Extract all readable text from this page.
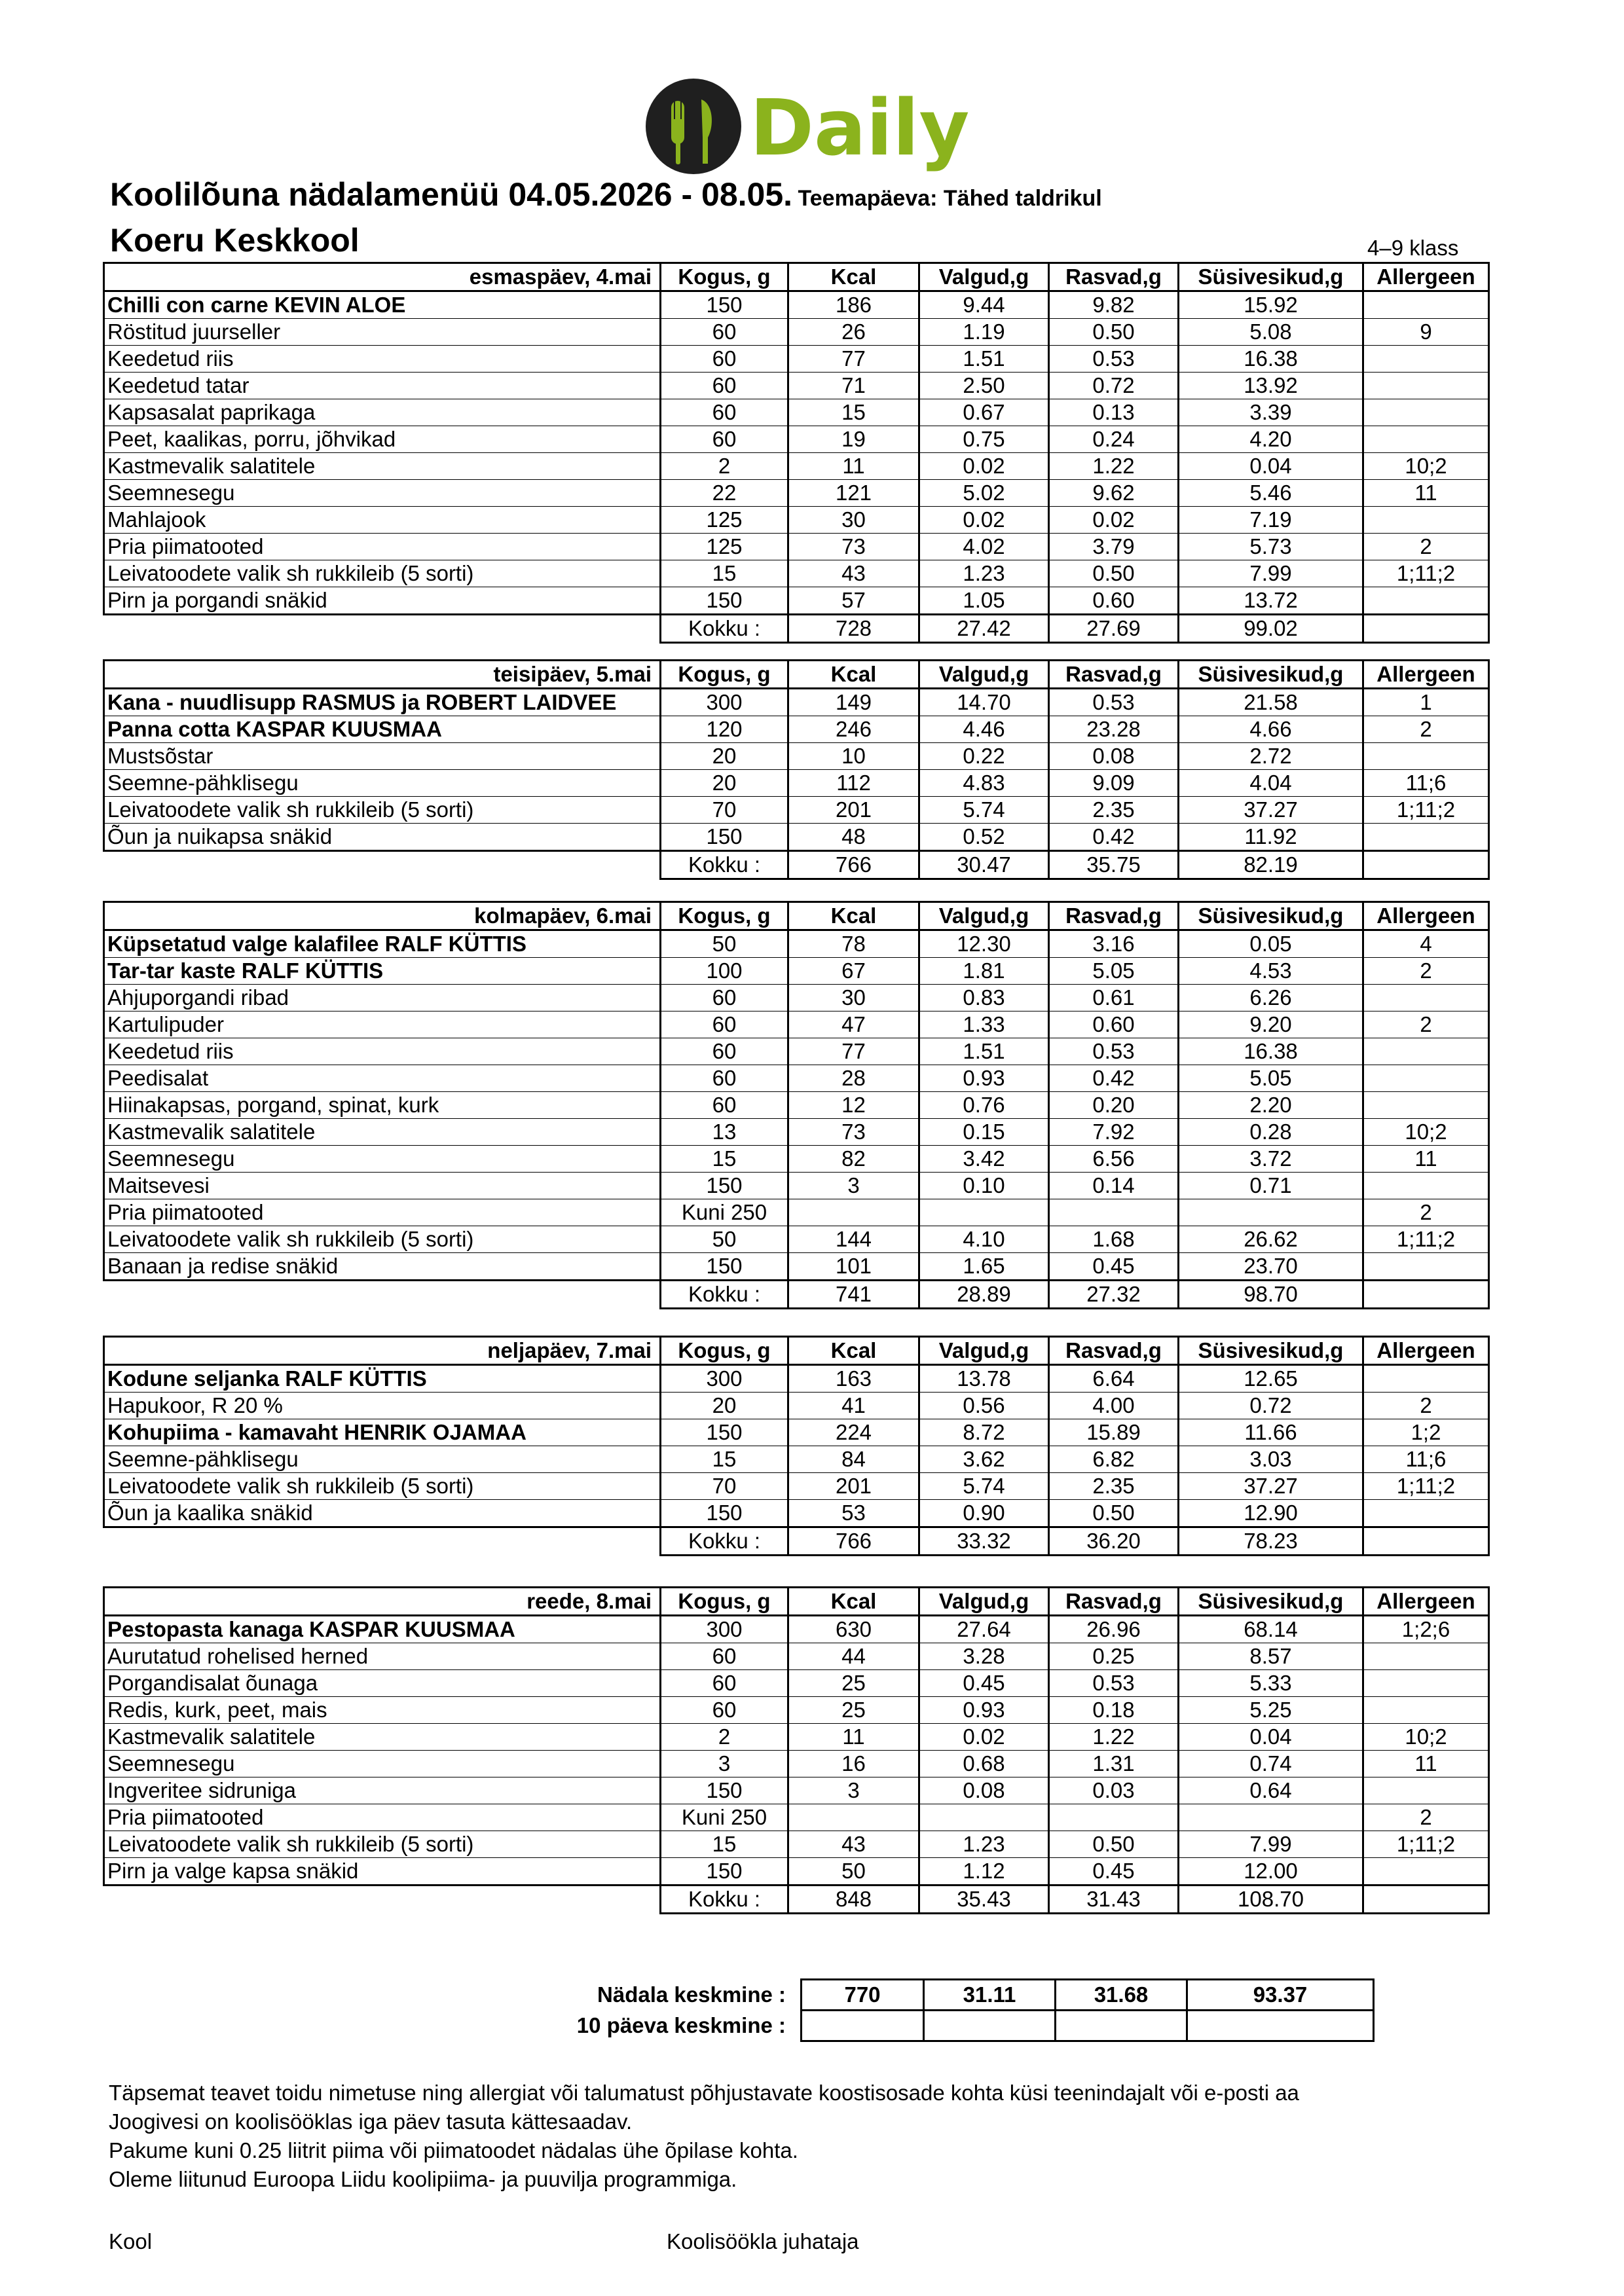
Daily
Koolilõuna nädalamenüü 04.05.2026 - 08.05. Teemapäeva: Tähed taldrikul
Koeru Keskkool	4–9 klass
esmaspäev, 4.mai	Kogus, g	Kcal	Valgud,g	Rasvad,g	Süsivesikud,g	Allergeen
Chilli con carne KEVIN ALOE	150	186	9.44	9.82	15.92	
Röstitud juurseller	60	26	1.19	0.50	5.08	9
Keedetud riis	60	77	1.51	0.53	16.38	
Keedetud tatar	60	71	2.50	0.72	13.92	
Kapsasalat paprikaga	60	15	0.67	0.13	3.39	
Peet, kaalikas, porru, jõhvikad	60	19	0.75	0.24	4.20	
Kastmevalik salatitele	2	11	0.02	1.22	0.04	10;2
Seemnesegu	22	121	5.02	9.62	5.46	11
Mahlajook	125	30	0.02	0.02	7.19	
Pria piimatooted	125	73	4.02	3.79	5.73	2
Leivatoodete valik sh rukkileib (5 sorti)	15	43	1.23	0.50	7.99	1;11;2
Pirn ja porgandi snäkid	150	57	1.05	0.60	13.72	
	Kokku :	728	27.42	27.69	99.02	
teisipäev, 5.mai	Kogus, g	Kcal	Valgud,g	Rasvad,g	Süsivesikud,g	Allergeen
Kana - nuudlisupp RASMUS ja ROBERT LAIDVEE	300	149	14.70	0.53	21.58	1
Panna cotta KASPAR KUUSMAA	120	246	4.46	23.28	4.66	2
Mustsõstar	20	10	0.22	0.08	2.72	
Seemne-pähklisegu	20	112	4.83	9.09	4.04	11;6
Leivatoodete valik sh rukkileib (5 sorti)	70	201	5.74	2.35	37.27	1;11;2
Õun ja nuikapsa snäkid	150	48	0.52	0.42	11.92	
	Kokku :	766	30.47	35.75	82.19	
kolmapäev, 6.mai	Kogus, g	Kcal	Valgud,g	Rasvad,g	Süsivesikud,g	Allergeen
Küpsetatud valge kalafilee RALF KÜTTIS	50	78	12.30	3.16	0.05	4
Tar-tar kaste RALF KÜTTIS	100	67	1.81	5.05	4.53	2
Ahjuporgandi ribad	60	30	0.83	0.61	6.26	
Kartulipuder	60	47	1.33	0.60	9.20	2
Keedetud riis	60	77	1.51	0.53	16.38	
Peedisalat	60	28	0.93	0.42	5.05	
Hiinakapsas, porgand, spinat, kurk	60	12	0.76	0.20	2.20	
Kastmevalik salatitele	13	73	0.15	7.92	0.28	10;2
Seemnesegu	15	82	3.42	6.56	3.72	11
Maitsevesi	150	3	0.10	0.14	0.71	
Pria piimatooted	Kuni 250					2
Leivatoodete valik sh rukkileib (5 sorti)	50	144	4.10	1.68	26.62	1;11;2
Banaan ja redise snäkid	150	101	1.65	0.45	23.70	
	Kokku :	741	28.89	27.32	98.70	
neljapäev, 7.mai	Kogus, g	Kcal	Valgud,g	Rasvad,g	Süsivesikud,g	Allergeen
Kodune seljanka RALF KÜTTIS	300	163	13.78	6.64	12.65	
Hapukoor, R 20 %	20	41	0.56	4.00	0.72	2
Kohupiima - kamavaht HENRIK OJAMAA	150	224	8.72	15.89	11.66	1;2
Seemne-pähklisegu	15	84	3.62	6.82	3.03	11;6
Leivatoodete valik sh rukkileib (5 sorti)	70	201	5.74	2.35	37.27	1;11;2
Õun ja kaalika snäkid	150	53	0.90	0.50	12.90	
	Kokku :	766	33.32	36.20	78.23	
reede, 8.mai	Kogus, g	Kcal	Valgud,g	Rasvad,g	Süsivesikud,g	Allergeen
Pestopasta kanaga KASPAR KUUSMAA	300	630	27.64	26.96	68.14	1;2;6
Aurutatud rohelised herned	60	44	3.28	0.25	8.57	
Porgandisalat õunaga	60	25	0.45	0.53	5.33	
Redis, kurk, peet, mais	60	25	0.93	0.18	5.25	
Kastmevalik salatitele	2	11	0.02	1.22	0.04	10;2
Seemnesegu	3	16	0.68	1.31	0.74	11
Ingveritee sidruniga	150	3	0.08	0.03	0.64	
Pria piimatooted	Kuni 250					2
Leivatoodete valik sh rukkileib (5 sorti)	15	43	1.23	0.50	7.99	1;11;2
Pirn ja valge kapsa snäkid	150	50	1.12	0.45	12.00	
	Kokku :	848	35.43	31.43	108.70	
Nädala keskmine :	770	31.11	31.68	93.37
10 päeva keskmine :				

Täpsemat teavet toidu nimetuse ning allergiat või talumatust põhjustavate koostisosade kohta küsi teenindajalt või e-posti aa

Joogivesi on koolisööklas iga päev tasuta kättesaadav.

Pakume kuni 0.25 liitrit piima või piimatoodet nädalas ühe õpilase kohta.

Oleme liitunud Euroopa Liidu koolipiima- ja puuvilja programmiga.

Kool	Koolisöökla juhataja
